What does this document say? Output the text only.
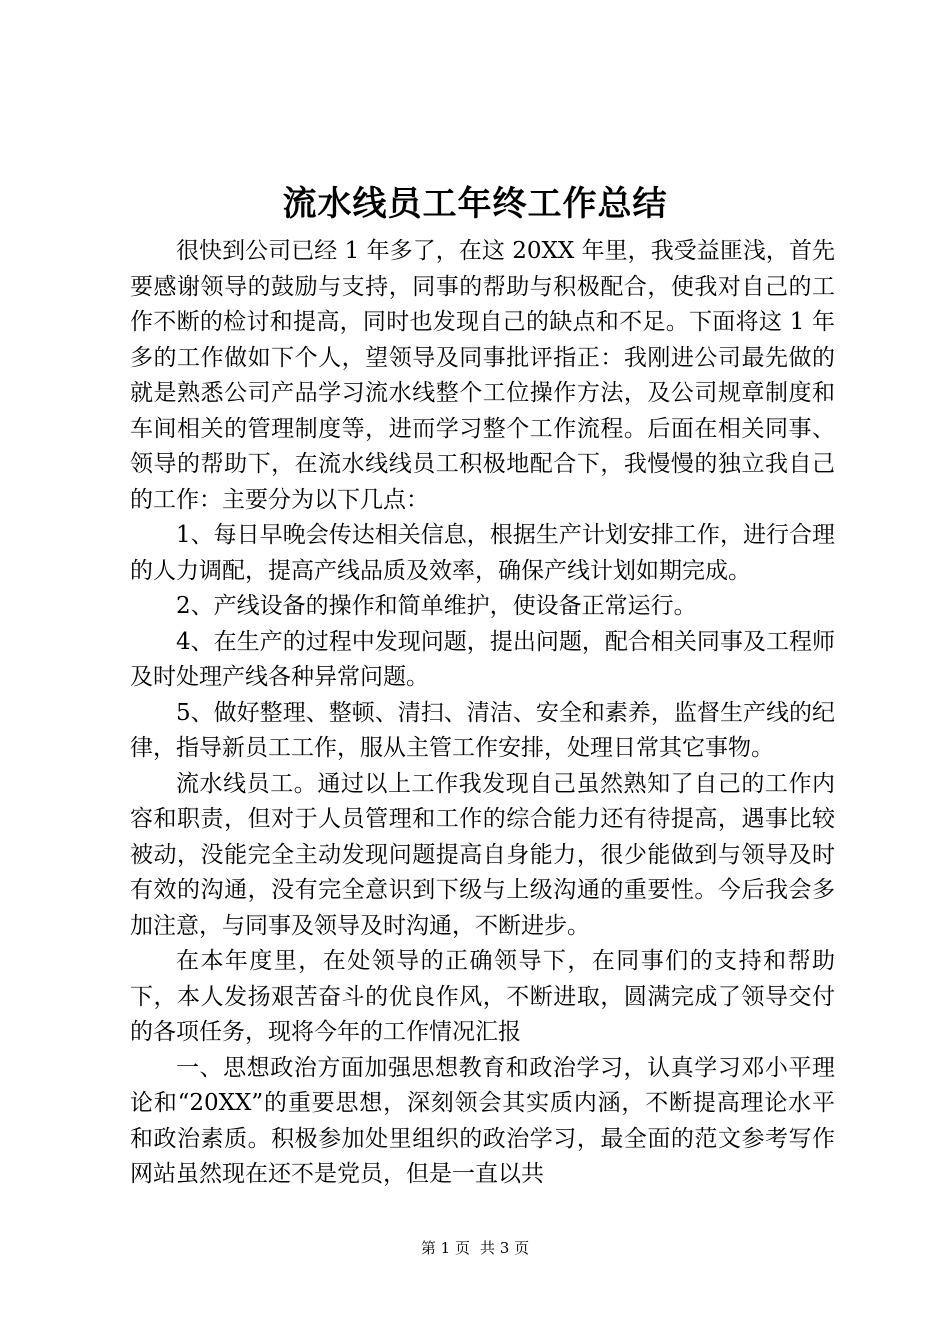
流水线员工年终工作总结

很快到公司已经 1 年多了，在这 20XX 年里，我受益匪浅，首先要感谢领导的鼓励与支持，同事的帮助与积极配合，使我对自己的工作不断的检讨和提高，同时也发现自己的缺点和不足。下面将这 1 年多的工作做如下个人，望领导及同事批评指正：我刚进公司最先做的就是熟悉公司产品学习流水线整个工位操作方法，及公司规章制度和车间相关的管理制度等，进而学习整个工作流程。后面在相关同事、领导的帮助下，在流水线线员工积极地配合下，我慢慢的独立我自己的工作：主要分为以下几点：

1、每日早晚会传达相关信息，根据生产计划安排工作，进行合理的人力调配，提高产线品质及效率，确保产线计划如期完成。

2、产线设备的操作和简单维护，使设备正常运行。

4、在生产的过程中发现问题，提出问题，配合相关同事及工程师及时处理产线各种异常问题。

5、做好整理、整顿、清扫、清洁、安全和素养，监督生产线的纪律，指导新员工工作，服从主管工作安排，处理日常其它事物。

流水线员工。通过以上工作我发现自己虽然熟知了自己的工作内容和职责，但对于人员管理和工作的综合能力还有待提高，遇事比较被动，没能完全主动发现问题提高自身能力，很少能做到与领导及时有效的沟通，没有完全意识到下级与上级沟通的重要性。今后我会多加注意，与同事及领导及时沟通，不断进步。

在本年度里，在处领导的正确领导下，在同事们的支持和帮助下，本人发扬艰苦奋斗的优良作风，不断进取，圆满完成了领导交付的各项任务，现将今年的工作情况汇报

一、思想政治方面加强思想教育和政治学习，认真学习邓小平理论和“20XX”的重要思想，深刻领会其实质内涵，不断提高理论水平和政治素质。积极参加处里组织的政治学习，最全面的范文参考写作网站虽然现在还不是党员，但是一直以共

第 1 页 共 3 页
